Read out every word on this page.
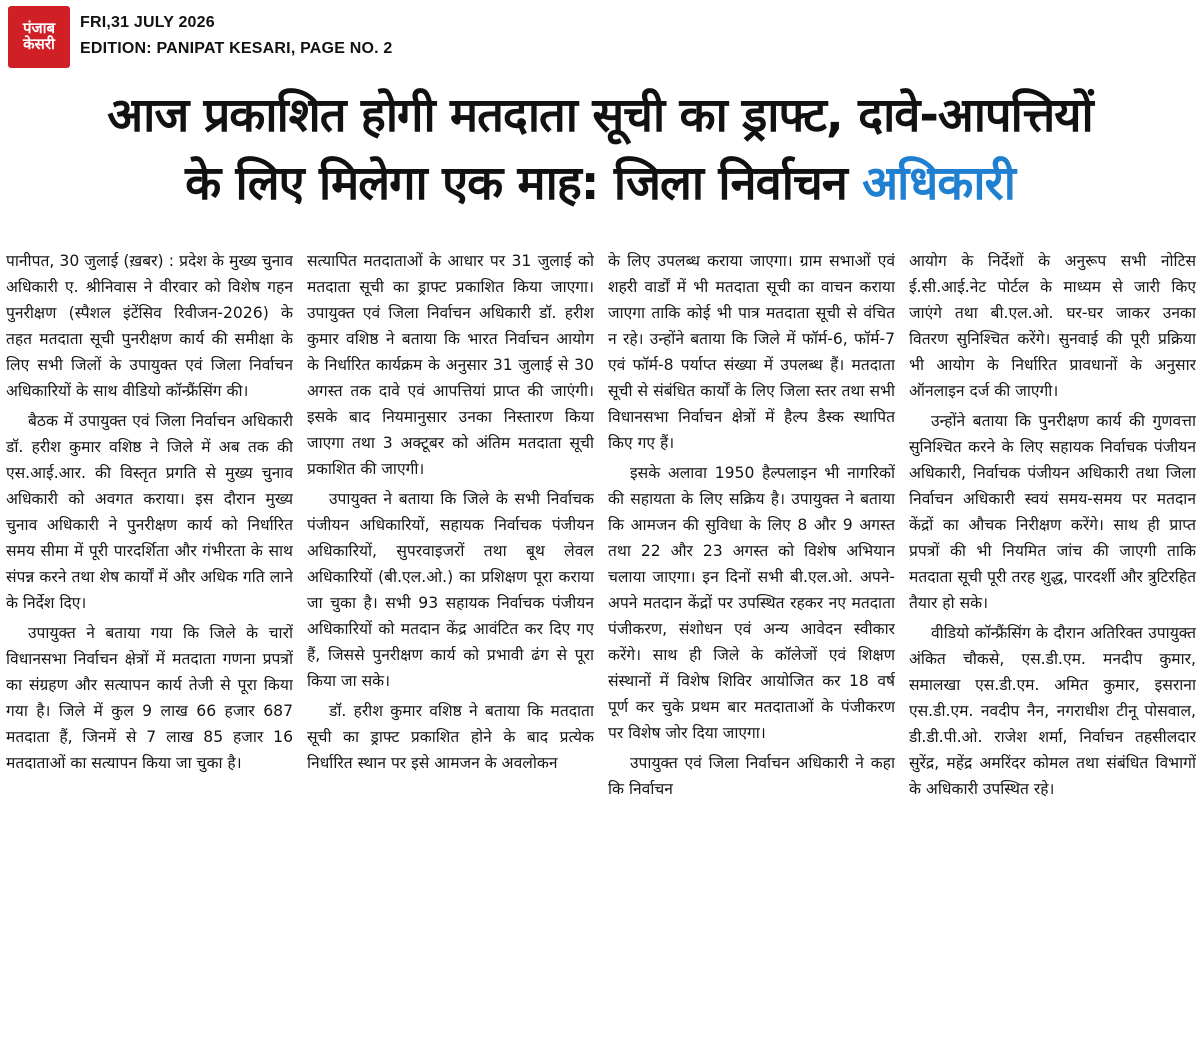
पंजाब
केसरी
FRI,31 JULY 2026
EDITION: PANIPAT KESARI, PAGE NO. 2
आज प्रकाशित होगी मतदाता सूची का ड्राफ्ट, दावे-आपत्तियों
के लिए मिलेगा एक माह: जिला निर्वाचन अधिकारी

पानीपत, 30 जुलाई (ख़बर) : प्रदेश के मुख्य चुनाव अधिकारी ए. श्रीनिवास ने वीरवार को विशेष गहन पुनरीक्षण (स्पैशल इंटेंसिव रिवीजन-2026) के तहत मतदाता सूची पुनरीक्षण कार्य की समीक्षा के लिए सभी जिलों के उपायुक्त एवं जिला निर्वाचन अधिकारियों के साथ वीडियो कॉन्फ्रैंसिंग की।

बैठक में उपायुक्त एवं जिला निर्वाचन अधिकारी डॉ. हरीश कुमार वशिष्ठ ने जिले में अब तक की एस.आई.आर. की विस्तृत प्रगति से मुख्य चुनाव अधिकारी को अवगत कराया। इस दौरान मुख्य चुनाव अधिकारी ने पुनरीक्षण कार्य को निर्धारित समय सीमा में पूरी पारदर्शिता और गंभीरता के साथ संपन्न करने तथा शेष कार्यों में और अधिक गति लाने के निर्देश दिए।

उपायुक्त ने बताया गया कि जिले के चारों विधानसभा निर्वाचन क्षेत्रों में मतदाता गणना प्रपत्रों का संग्रहण और सत्यापन कार्य तेजी से पूरा किया गया है। जिले में कुल 9 लाख 66 हजार 687 मतदाता हैं, जिनमें से 7 लाख 85 हजार 16 मतदाताओं का सत्यापन किया जा चुका है।

सत्यापित मतदाताओं के आधार पर 31 जुलाई को मतदाता सूची का ड्राफ्ट प्रकाशित किया जाएगा। उपायुक्त एवं जिला निर्वाचन अधिकारी डॉ. हरीश कुमार वशिष्ठ ने बताया कि भारत निर्वाचन आयोग के निर्धारित कार्यक्रम के अनुसार 31 जुलाई से 30 अगस्त तक दावे एवं आपत्तियां प्राप्त की जाएंगी। इसके बाद नियमानुसार उनका निस्तारण किया जाएगा तथा 3 अक्टूबर को अंतिम मतदाता सूची प्रकाशित की जाएगी।

उपायुक्त ने बताया कि जिले के सभी निर्वाचक पंजीयन अधिकारियों, सहायक निर्वाचक पंजीयन अधिकारियों, सुपरवाइजरों तथा बूथ लेवल अधिकारियों (बी.एल.ओ.) का प्रशिक्षण पूरा कराया जा चुका है। सभी 93 सहायक निर्वाचक पंजीयन अधिकारियों को मतदान केंद्र आवंटित कर दिए गए हैं, जिससे पुनरीक्षण कार्य को प्रभावी ढंग से पूरा किया जा सके।

डॉ. हरीश कुमार वशिष्ठ ने बताया कि मतदाता सूची का ड्राफ्ट प्रकाशित होने के बाद प्रत्येक निर्धारित स्थान पर इसे आमजन के अवलोकन

के लिए उपलब्ध कराया जाएगा। ग्राम सभाओं एवं शहरी वार्डों में भी मतदाता सूची का वाचन कराया जाएगा ताकि कोई भी पात्र मतदाता सूची से वंचित न रहे। उन्होंने बताया कि जिले में फॉर्म-6, फॉर्म-7 एवं फॉर्म-8 पर्याप्त संख्या में उपलब्ध हैं। मतदाता सूची से संबंधित कार्यों के लिए जिला स्तर तथा सभी विधानसभा निर्वाचन क्षेत्रों में हैल्प डैस्क स्थापित किए गए हैं।

इसके अलावा 1950 हैल्पलाइन भी नागरिकों की सहायता के लिए सक्रिय है। उपायुक्त ने बताया कि आमजन की सुविधा के लिए 8 और 9 अगस्त तथा 22 और 23 अगस्त को विशेष अभियान चलाया जाएगा। इन दिनों सभी बी.एल.ओ. अपने-अपने मतदान केंद्रों पर उपस्थित रहकर नए मतदाता पंजीकरण, संशोधन एवं अन्य आवेदन स्वीकार करेंगे। साथ ही जिले के कॉलेजों एवं शिक्षण संस्थानों में विशेष शिविर आयोजित कर 18 वर्ष पूर्ण कर चुके प्रथम बार मतदाताओं के पंजीकरण पर विशेष जोर दिया जाएगा।

उपायुक्त एवं जिला निर्वाचन अधिकारी ने कहा कि निर्वाचन

आयोग के निर्देशों के अनुरूप सभी नोटिस ई.सी.आई.नेट पोर्टल के माध्यम से जारी किए जाएंगे तथा बी.एल.ओ. घर-घर जाकर उनका वितरण सुनिश्चित करेंगे। सुनवाई की पूरी प्रक्रिया भी आयोग के निर्धारित प्रावधानों के अनुसार ऑनलाइन दर्ज की जाएगी।

उन्होंने बताया कि पुनरीक्षण कार्य की गुणवत्ता सुनिश्चित करने के लिए सहायक निर्वाचक पंजीयन अधिकारी, निर्वाचक पंजीयन अधिकारी तथा जिला निर्वाचन अधिकारी स्वयं समय-समय पर मतदान केंद्रों का औचक निरीक्षण करेंगे। साथ ही प्राप्त प्रपत्रों की भी नियमित जांच की जाएगी ताकि मतदाता सूची पूरी तरह शुद्ध, पारदर्शी और त्रुटिरहित तैयार हो सके।

वीडियो कॉन्फ्रैंसिंग के दौरान अतिरिक्त उपायुक्त अंकित चौकसे, एस.डी.एम. मनदीप कुमार, समालखा एस.डी.एम. अमित कुमार, इसराना एस.डी.एम. नवदीप नैन, नगराधीश टीनू पोसवाल, डी.डी.पी.ओ. राजेश शर्मा, निर्वाचन तहसीलदार सुरेंद्र, महेंद्र अमरिंदर कोमल तथा संबंधित विभागों के अधिकारी उपस्थित रहे।
